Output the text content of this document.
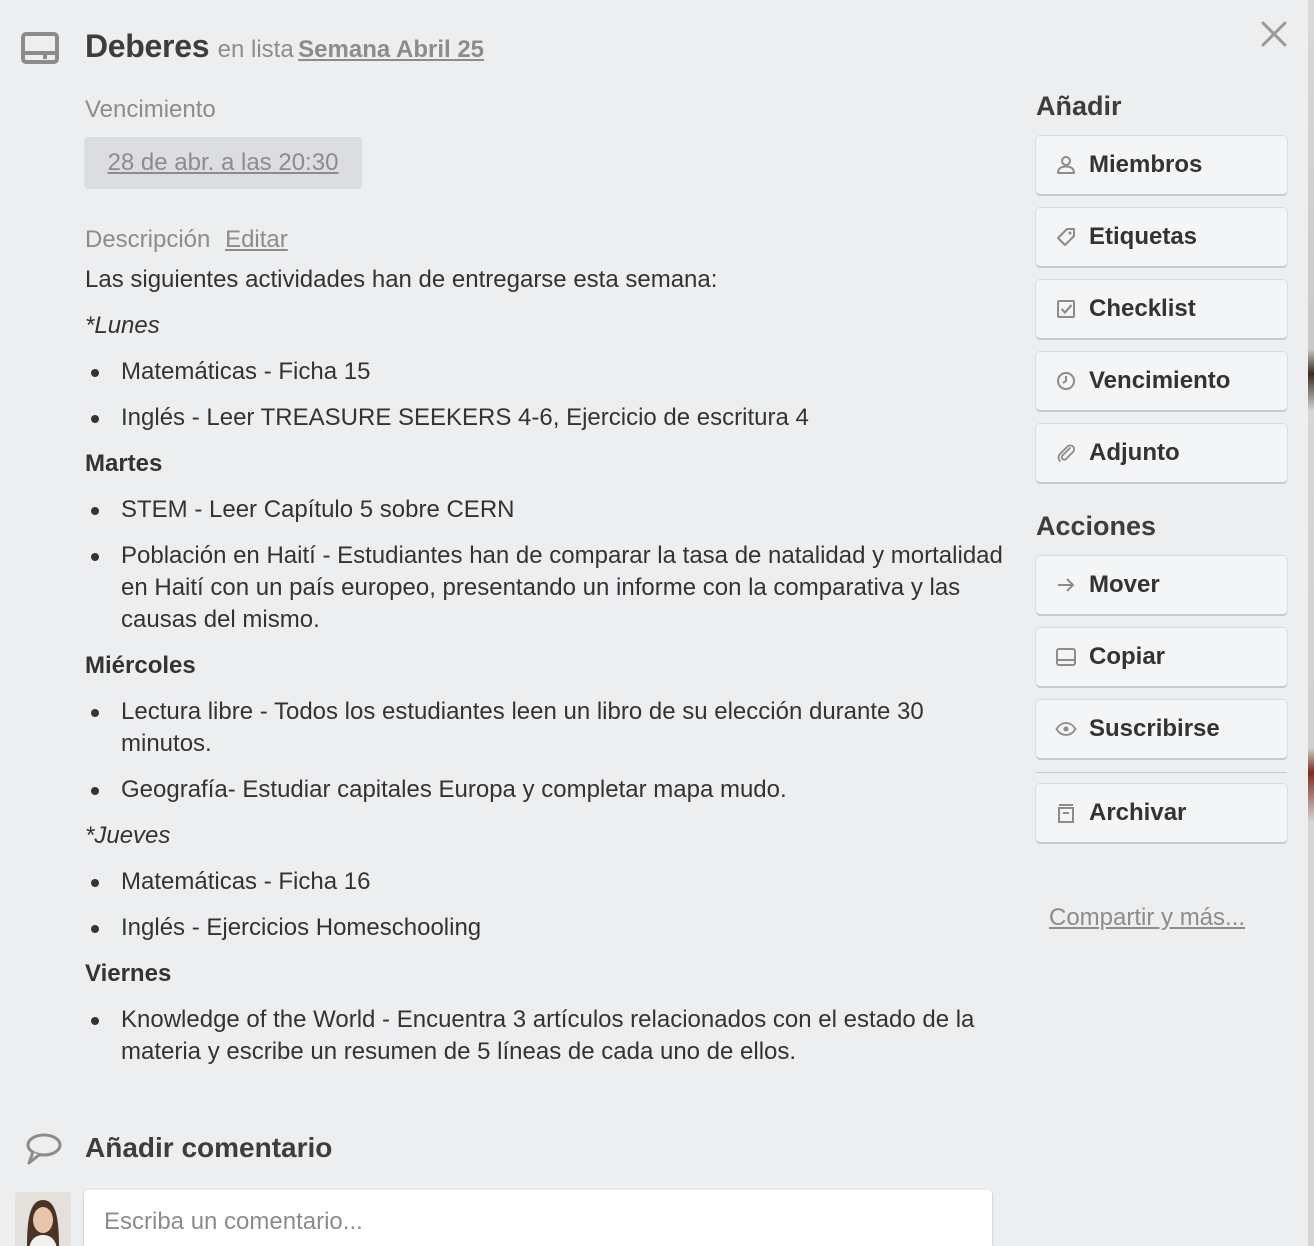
Deberes en lista Semana Abril 25
Vencimiento
28 de abr. a las 20:30
Descripción Editar

Las siguientes actividades han de entregarse esta semana:

*Lunes

Matemáticas - Ficha 15
Inglés - Leer TREASURE SEEKERS 4-6, Ejercicio de escritura 4

Martes

STEM - Leer Capítulo 5 sobre CERN
Población en Haití - Estudiantes han de comparar la tasa de natalidad y mortalidad en Haití con un país europeo, presentando un informe con la comparativa y las causas del mismo.

Miércoles

Lectura libre - Todos los estudiantes leen un libro de su elección durante 30 minutos.
Geografía- Estudiar capitales Europa y completar mapa mudo.

*Jueves

Matemáticas - Ficha 16
Inglés - Ejercicios Homeschooling

Viernes

Knowledge of the World - Encuentra 3 artículos relacionados con el estado de la materia y escribe un resumen de 5 líneas de cada uno de ellos.
Añadir
Miembros
Etiquetas
Checklist
Vencimiento
Adjunto
Acciones
Mover
Copiar
Suscribirse
Archivar
Compartir y más...
Añadir comentario
Escriba un comentario...
